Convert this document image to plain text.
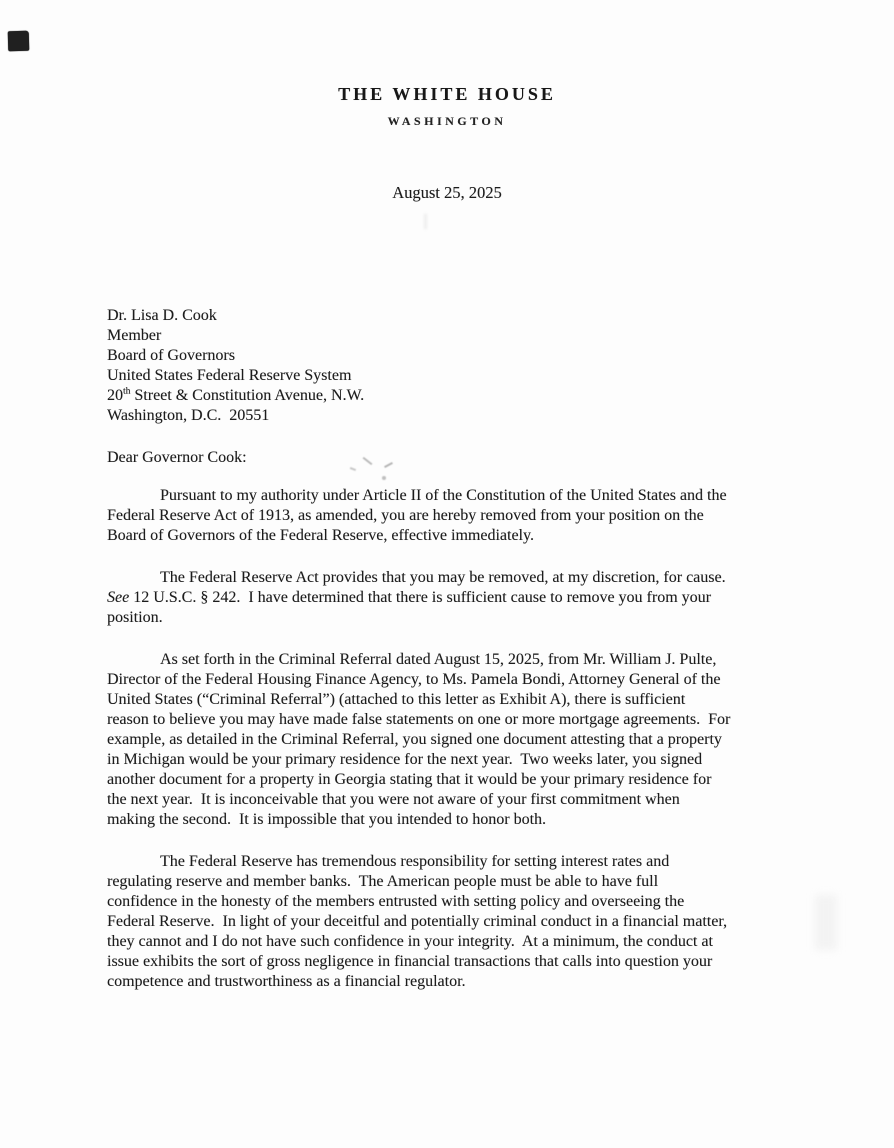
THE WHITE HOUSE
WASHINGTON
August 25, 2025
Dr. Lisa D. Cook
Member
Board of Governors
United States Federal Reserve System
20th Street & Constitution Avenue, N.W.
Washington, D.C.  20551
Dear Governor Cook:
Pursuant to my authority under Article II of the Constitution of the United States and the
Federal Reserve Act of 1913, as amended, you are hereby removed from your position on the
Board of Governors of the Federal Reserve, effective immediately.
The Federal Reserve Act provides that you may be removed, at my discretion, for cause.
See 12 U.S.C. § 242.  I have determined that there is sufficient cause to remove you from your
position.
As set forth in the Criminal Referral dated August 15, 2025, from Mr. William J. Pulte,
Director of the Federal Housing Finance Agency, to Ms. Pamela Bondi, Attorney General of the
United States (“Criminal Referral”) (attached to this letter as Exhibit A), there is sufficient
reason to believe you may have made false statements on one or more mortgage agreements.  For
example, as detailed in the Criminal Referral, you signed one document attesting that a property
in Michigan would be your primary residence for the next year.  Two weeks later, you signed
another document for a property in Georgia stating that it would be your primary residence for
the next year.  It is inconceivable that you were not aware of your first commitment when
making the second.  It is impossible that you intended to honor both.
The Federal Reserve has tremendous responsibility for setting interest rates and
regulating reserve and member banks.  The American people must be able to have full
confidence in the honesty of the members entrusted with setting policy and overseeing the
Federal Reserve.  In light of your deceitful and potentially criminal conduct in a financial matter,
they cannot and I do not have such confidence in your integrity.  At a minimum, the conduct at
issue exhibits the sort of gross negligence in financial transactions that calls into question your
competence and trustworthiness as a financial regulator.
